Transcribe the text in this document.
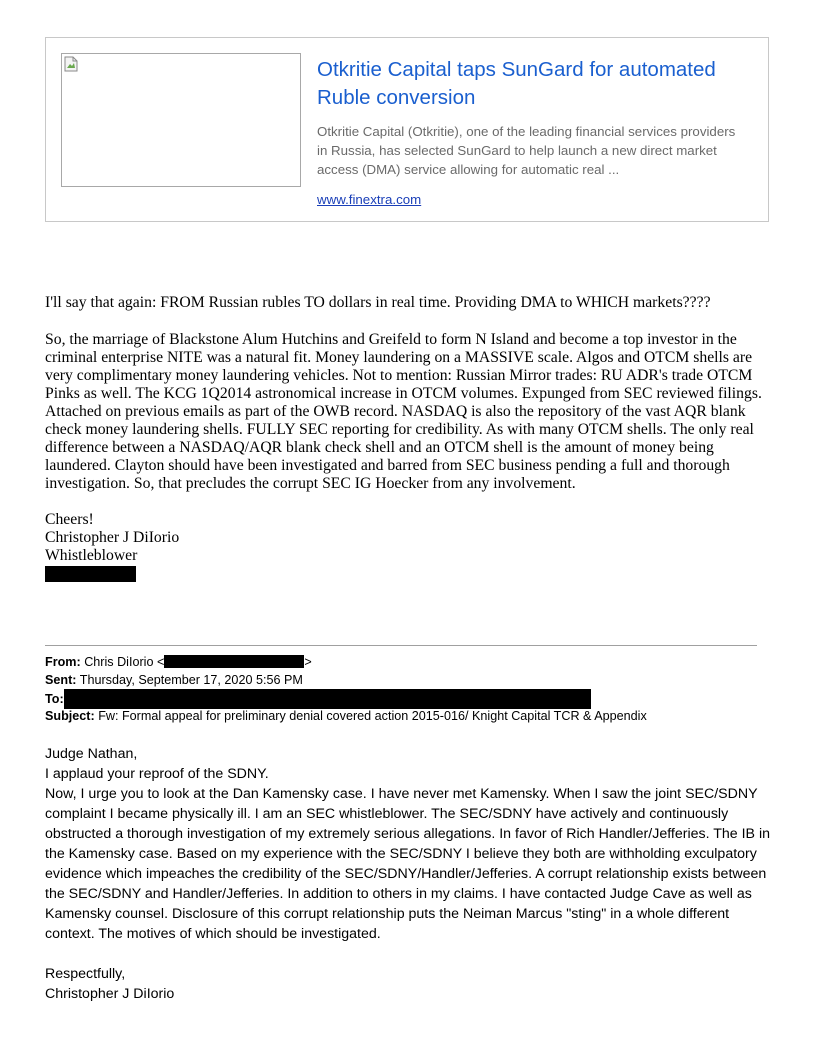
Otkritie Capital taps SunGard for automated Ruble conversion

Otkritie Capital (Otkritie), one of the leading financial services providers in Russia, has selected SunGard to help launch a new direct market access (DMA) service allowing for automatic real ...

www.finextra.com

I'll say that again: FROM Russian rubles TO dollars in real time. Providing DMA to WHICH markets????

So, the marriage of Blackstone Alum Hutchins and Greifeld to form N Island and become a top investor in the criminal enterprise NITE was a natural fit. Money laundering on a MASSIVE scale. Algos and OTCM shells are very complimentary money laundering vehicles. Not to mention: Russian Mirror trades: RU ADR's trade OTCM Pinks as well. The KCG 1Q2014 astronomical increase in OTCM volumes. Expunged from SEC reviewed filings. Attached on previous emails as part of the OWB record. NASDAQ is also the repository of the vast AQR blank check money laundering shells. FULLY SEC reporting for credibility. As with many OTCM shells. The only real difference between a NASDAQ/AQR blank check shell and an OTCM shell is the amount of money being laundered. Clayton should have been investigated and barred from SEC business pending a full and thorough investigation. So, that precludes the corrupt SEC IG Hoecker from any involvement.

Cheers!

Christopher J DiIorio

Whistleblower

From: Chris DiIorio <	>

Sent: Thursday, September 17, 2020 5:56 PM

To:

Subject: Fw: Formal appeal for preliminary denial covered action 2015-016/ Knight Capital TCR & Appendix

Judge Nathan,

I applaud your reproof of the SDNY.

Now, I urge you to look at the Dan Kamensky case. I have never met Kamensky. When I saw the joint SEC/SDNY complaint I became physically ill. I am an SEC whistleblower. The SEC/SDNY have actively and continuously obstructed a thorough investigation of my extremely serious allegations. In favor of Rich Handler/Jefferies. The IB in the Kamensky case. Based on my experience with the SEC/SDNY I believe they both are withholding exculpatory evidence which impeaches the credibility of the SEC/SDNY/Handler/Jefferies. A corrupt relationship exists between the SEC/SDNY and Handler/Jefferies. In addition to others in my claims. I have contacted Judge Cave as well as Kamensky counsel. Disclosure of this corrupt relationship puts the Neiman Marcus "sting" in a whole different context. The motives of which should be investigated.

Respectfully,

Christopher J DiIorio
